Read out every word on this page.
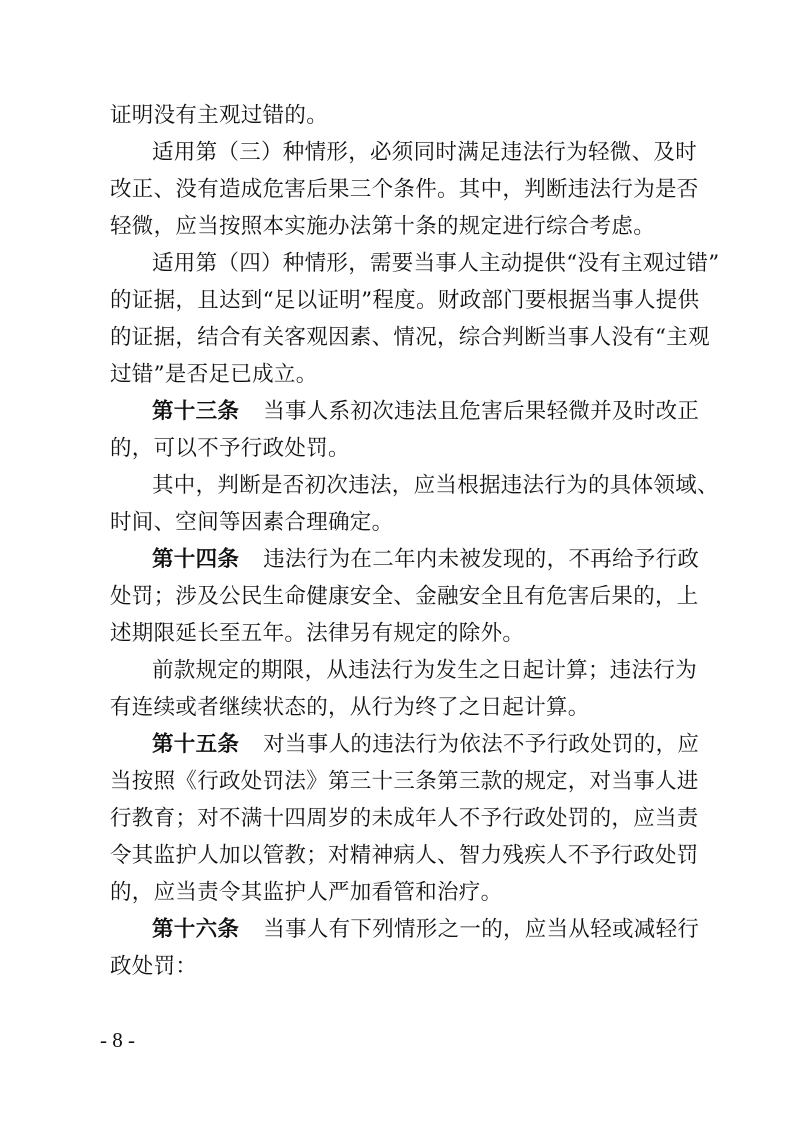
证明没有主观过错的。
适用第（三）种情形，必须同时满足违法行为轻微、及时
改正、没有造成危害后果三个条件。其中，判断违法行为是否
轻微，应当按照本实施办法第十条的规定进行综合考虑。
适用第（四）种情形，需要当事人主动提供“没有主观过错”
的证据，且达到“足以证明”程度。财政部门要根据当事人提供
的证据，结合有关客观因素、情况，综合判断当事人没有“主观
过错”是否足已成立。
第十三条 当事人系初次违法且危害后果轻微并及时改正
的，可以不予行政处罚。
其中，判断是否初次违法，应当根据违法行为的具体领域、
时间、空间等因素合理确定。
第十四条 违法行为在二年内未被发现的，不再给予行政
处罚；涉及公民生命健康安全、金融安全且有危害后果的，上
述期限延长至五年。法律另有规定的除外。
前款规定的期限，从违法行为发生之日起计算；违法行为
有连续或者继续状态的，从行为终了之日起计算。
第十五条 对当事人的违法行为依法不予行政处罚的，应
当按照《行政处罚法》第三十三条第三款的规定，对当事人进
行教育；对不满十四周岁的未成年人不予行政处罚的，应当责
令其监护人加以管教；对精神病人、智力残疾人不予行政处罚
的，应当责令其监护人严加看管和治疗。
第十六条 当事人有下列情形之一的，应当从轻或减轻行
政处罚：
- 8 -
